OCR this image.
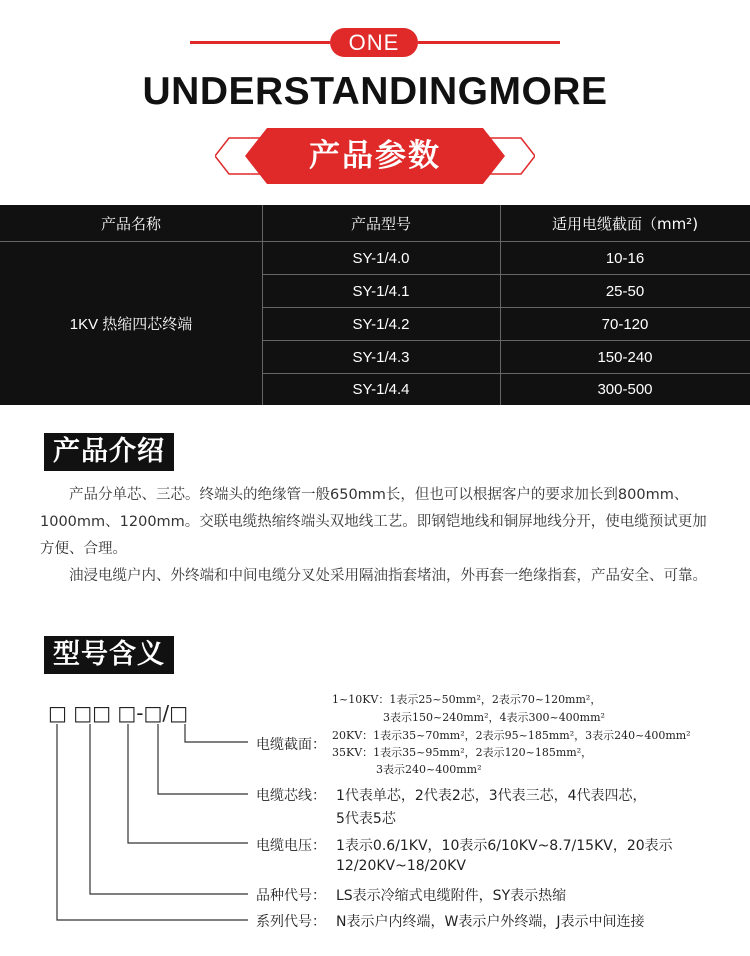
ONE
UNDERSTANDINGMORE
产品参数
产品名称	产品型号	适用电缆截面（mm²)
1KV 热缩四芯终端
SY-1/4.0	10-16
SY-1/4.1	25-50
SY-1/4.2	70-120
SY-1/4.3	150-240
SY-1/4.4	300-500
产品介绍

产品分单芯、三芯。终端头的绝缘管一般650mm长，但也可以根据客户的要求加长到800mm、1000mm、1200mm。交联电缆热缩终端头双地线工艺。即钢铠地线和铜屏地线分开，使电缆预试更加方便、合理。

油浸电缆户内、外终端和中间电缆分叉处采用隔油指套堵油，外再套一绝缘指套，产品安全、可靠。

型号含义
□ □□ □-□/□
1~10KV：1表示25~50mm²，2表示70~120mm²，
3表示150~240mm²，4表示300~400mm²
电缆截面：
20KV：1表示35~70mm²，2表示95~185mm²，3表示240~400mm²
35KV：1表示35~95mm²，2表示120~185mm²，
3表示240~400mm²
电缆芯线： 1代表单芯，2代表2芯，3代表三芯，4代表四芯，
5代表5芯
电缆电压： 1表示0.6/1KV，10表示6/10KV~8.7/15KV，20表示
12/20KV~18/20KV
品种代号： LS表示冷缩式电缆附件，SY表示热缩
系列代号： N表示户内终端，W表示户外终端，J表示中间连接
